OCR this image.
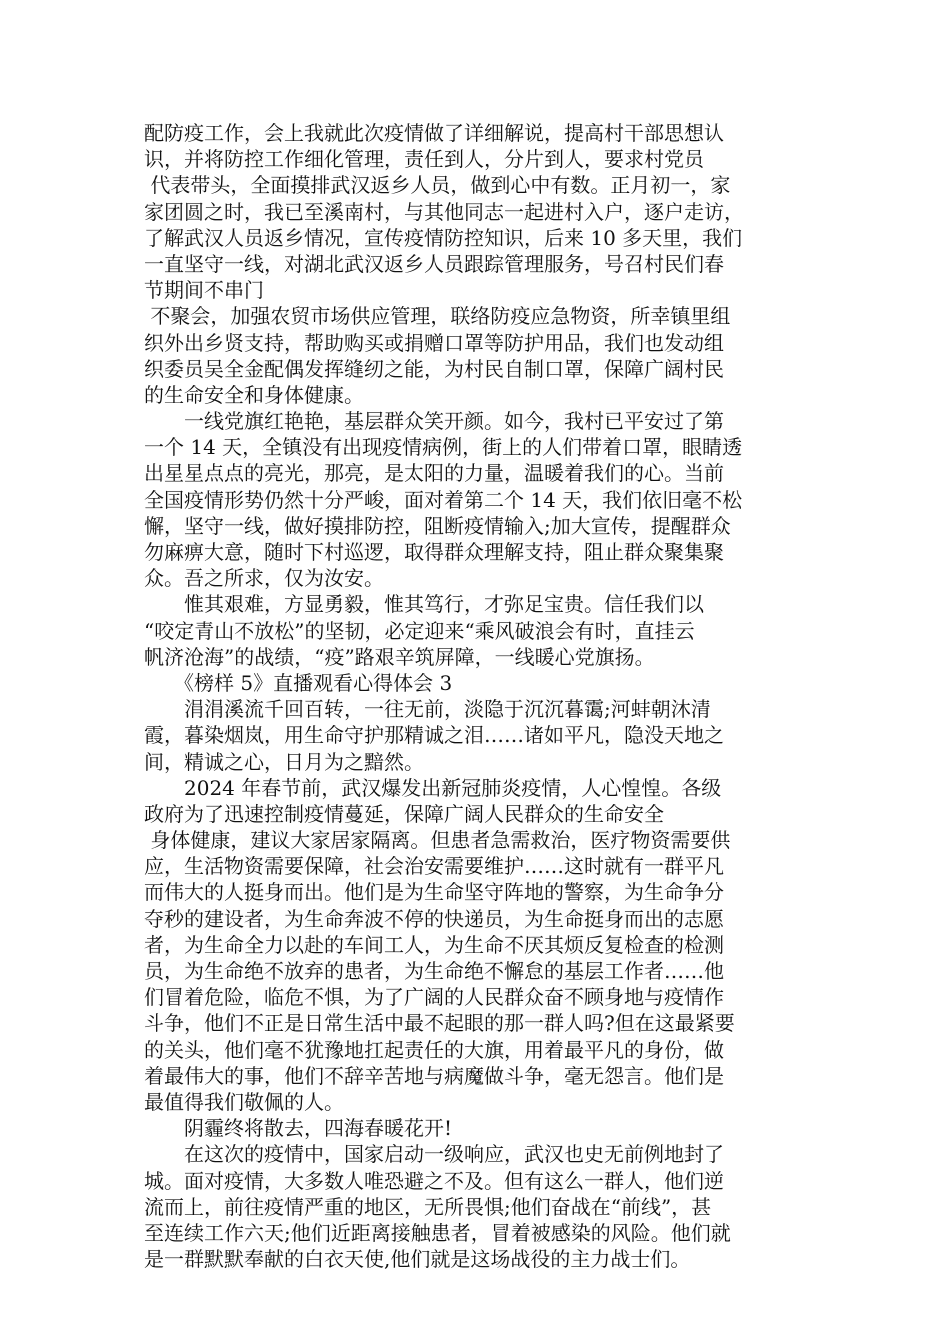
配防疫工作，会上我就此次疫情做了详细解说，提高村干部思想认
识，并将防控工作细化管理，责任到人，分片到人，要求村党员
代表带头，全面摸排武汉返乡人员，做到心中有数。正月初一，家
家团圆之时，我已至溪南村，与其他同志一起进村入户，逐户走访，
了解武汉人员返乡情况，宣传疫情防控知识，后来 10 多天里，我们
一直坚守一线，对湖北武汉返乡人员跟踪管理服务，号召村民们春
节期间不串门
不聚会，加强农贸市场供应管理，联络防疫应急物资，所幸镇里组
织外出乡贤支持，帮助购买或捐赠口罩等防护用品，我们也发动组
织委员吴全金配偶发挥缝纫之能，为村民自制口罩，保障广阔村民
的生命安全和身体健康。
　　一线党旗红艳艳，基层群众笑开颜。如今，我村已平安过了第
一个 14 天，全镇没有出现疫情病例，街上的人们带着口罩，眼睛透
出星星点点的亮光，那亮，是太阳的力量，温暖着我们的心。当前
全国疫情形势仍然十分严峻，面对着第二个 14 天，我们依旧毫不松
懈，坚守一线，做好摸排防控，阻断疫情输入;加大宣传，提醒群众
勿麻痹大意，随时下村巡逻，取得群众理解支持，阻止群众聚集聚
众。吾之所求，仅为汝安。
　　惟其艰难，方显勇毅，惟其笃行，才弥足宝贵。信任我们以
“咬定青山不放松”的坚韧，必定迎来“乘风破浪会有时，直挂云
帆济沧海”的战绩，“疫”路艰辛筑屏障，一线暖心党旗扬。
　　《榜样 5》直播观看心得体会 3
　　涓涓溪流千回百转，一往无前，淡隐于沉沉暮霭;河蚌朝沐清
霞，暮染烟岚，用生命守护那精诚之泪……诸如平凡，隐没天地之
间，精诚之心，日月为之黯然。
　　2024 年春节前，武汉爆发出新冠肺炎疫情，人心惶惶。各级
政府为了迅速控制疫情蔓延，保障广阔人民群众的生命安全
身体健康，建议大家居家隔离。但患者急需救治，医疗物资需要供
应，生活物资需要保障，社会治安需要维护……这时就有一群平凡
而伟大的人挺身而出。他们是为生命坚守阵地的警察，为生命争分
夺秒的建设者，为生命奔波不停的快递员，为生命挺身而出的志愿
者，为生命全力以赴的车间工人，为生命不厌其烦反复检查的检测
员，为生命绝不放弃的患者，为生命绝不懈怠的基层工作者……他
们冒着危险，临危不惧，为了广阔的人民群众奋不顾身地与疫情作
斗争，他们不正是日常生活中最不起眼的那一群人吗?但在这最紧要
的关头，他们毫不犹豫地扛起责任的大旗，用着最平凡的身份，做
着最伟大的事，他们不辞辛苦地与病魔做斗争，毫无怨言。他们是
最值得我们敬佩的人。
　　阴霾终将散去，四海春暖花开!
　　在这次的疫情中，国家启动一级响应，武汉也史无前例地封了
城。面对疫情，大多数人唯恐避之不及。但有这么一群人，他们逆
流而上，前往疫情严重的地区，无所畏惧;他们奋战在“前线”，甚
至连续工作六天;他们近距离接触患者，冒着被感染的风险。他们就
是一群默默奉献的白衣天使,他们就是这场战役的主力战士们。
